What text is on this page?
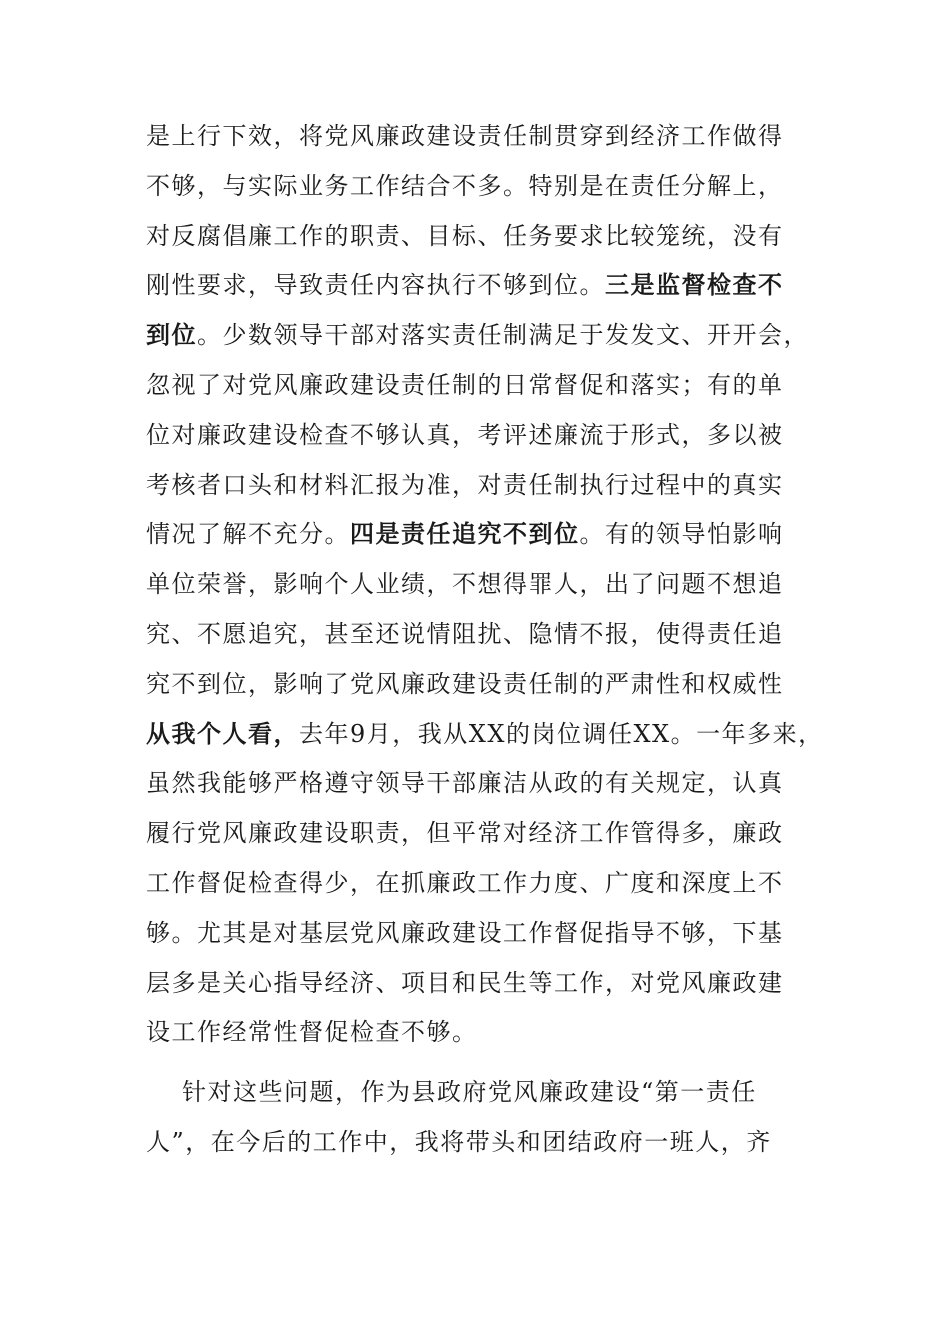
是上行下效，将党风廉政建设责任制贯穿到经济工作做得
不够，与实际业务工作结合不多。特别是在责任分解上，
对反腐倡廉工作的职责、目标、任务要求比较笼统，没有
刚性要求，导致责任内容执行不够到位。三是监督检查不
到位。少数领导干部对落实责任制满足于发发文、开开会，
忽视了对党风廉政建设责任制的日常督促和落实；有的单
位对廉政建设检查不够认真，考评述廉流于形式，多以被
考核者口头和材料汇报为准，对责任制执行过程中的真实
情况了解不充分。四是责任追究不到位。有的领导怕影响
单位荣誉，影响个人业绩，不想得罪人，出了问题不想追
究、不愿追究，甚至还说情阻扰、隐情不报，使得责任追
究不到位，影响了党风廉政建设责任制的严肃性和权威性
从我个人看，去年9月，我从XX的岗位调任XX。一年多来，
虽然我能够严格遵守领导干部廉洁从政的有关规定，认真
履行党风廉政建设职责，但平常对经济工作管得多，廉政
工作督促检查得少，在抓廉政工作力度、广度和深度上不
够。尤其是对基层党风廉政建设工作督促指导不够，下基
层多是关心指导经济、项目和民生等工作，对党风廉政建
设工作经常性督促检查不够。
针对这些问题，作为县政府党风廉政建设“第一责任
人”，在今后的工作中，我将带头和团结政府一班人，齐
